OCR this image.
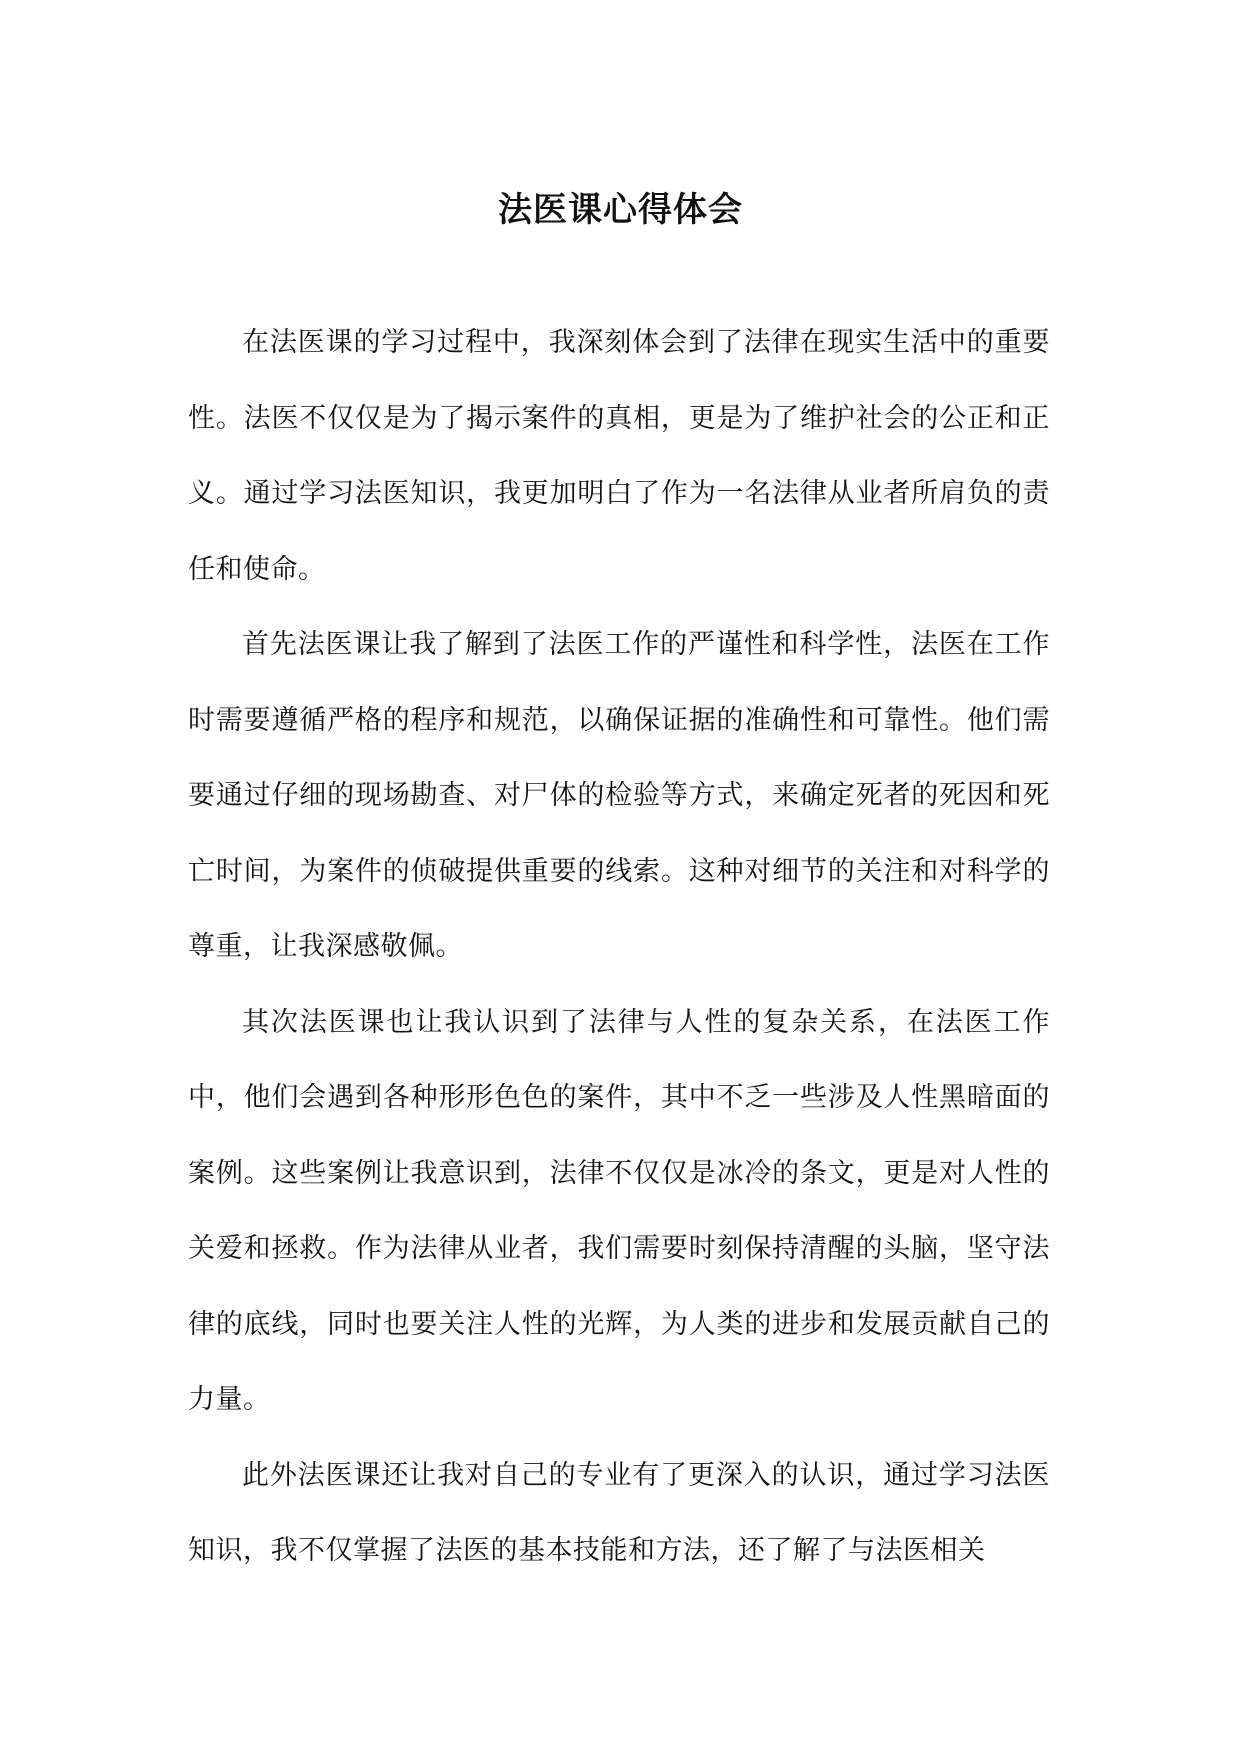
法医课心得体会

在法医课的学习过程中，我深刻体会到了法律在现实生活中的重要性。法医不仅仅是为了揭示案件的真相，更是为了维护社会的公正和正义。通过学习法医知识，我更加明白了作为一名法律从业者所肩负的责任和使命。

首先法医课让我了解到了法医工作的严谨性和科学性，法医在工作时需要遵循严格的程序和规范，以确保证据的准确性和可靠性。他们需要通过仔细的现场勘查、对尸体的检验等方式，来确定死者的死因和死亡时间，为案件的侦破提供重要的线索。这种对细节的关注和对科学的尊重，让我深感敬佩。

其次法医课也让我认识到了法律与人性的复杂关系，在法医工作中，他们会遇到各种形形色色的案件，其中不乏一些涉及人性黑暗面的案例。这些案例让我意识到，法律不仅仅是冰冷的条文，更是对人性的关爱和拯救。作为法律从业者，我们需要时刻保持清醒的头脑，坚守法律的底线，同时也要关注人性的光辉，为人类的进步和发展贡献自己的力量。

此外法医课还让我对自己的专业有了更深入的认识，通过学习法医知识，我不仅掌握了法医的基本技能和方法，还了解了与法医相关
